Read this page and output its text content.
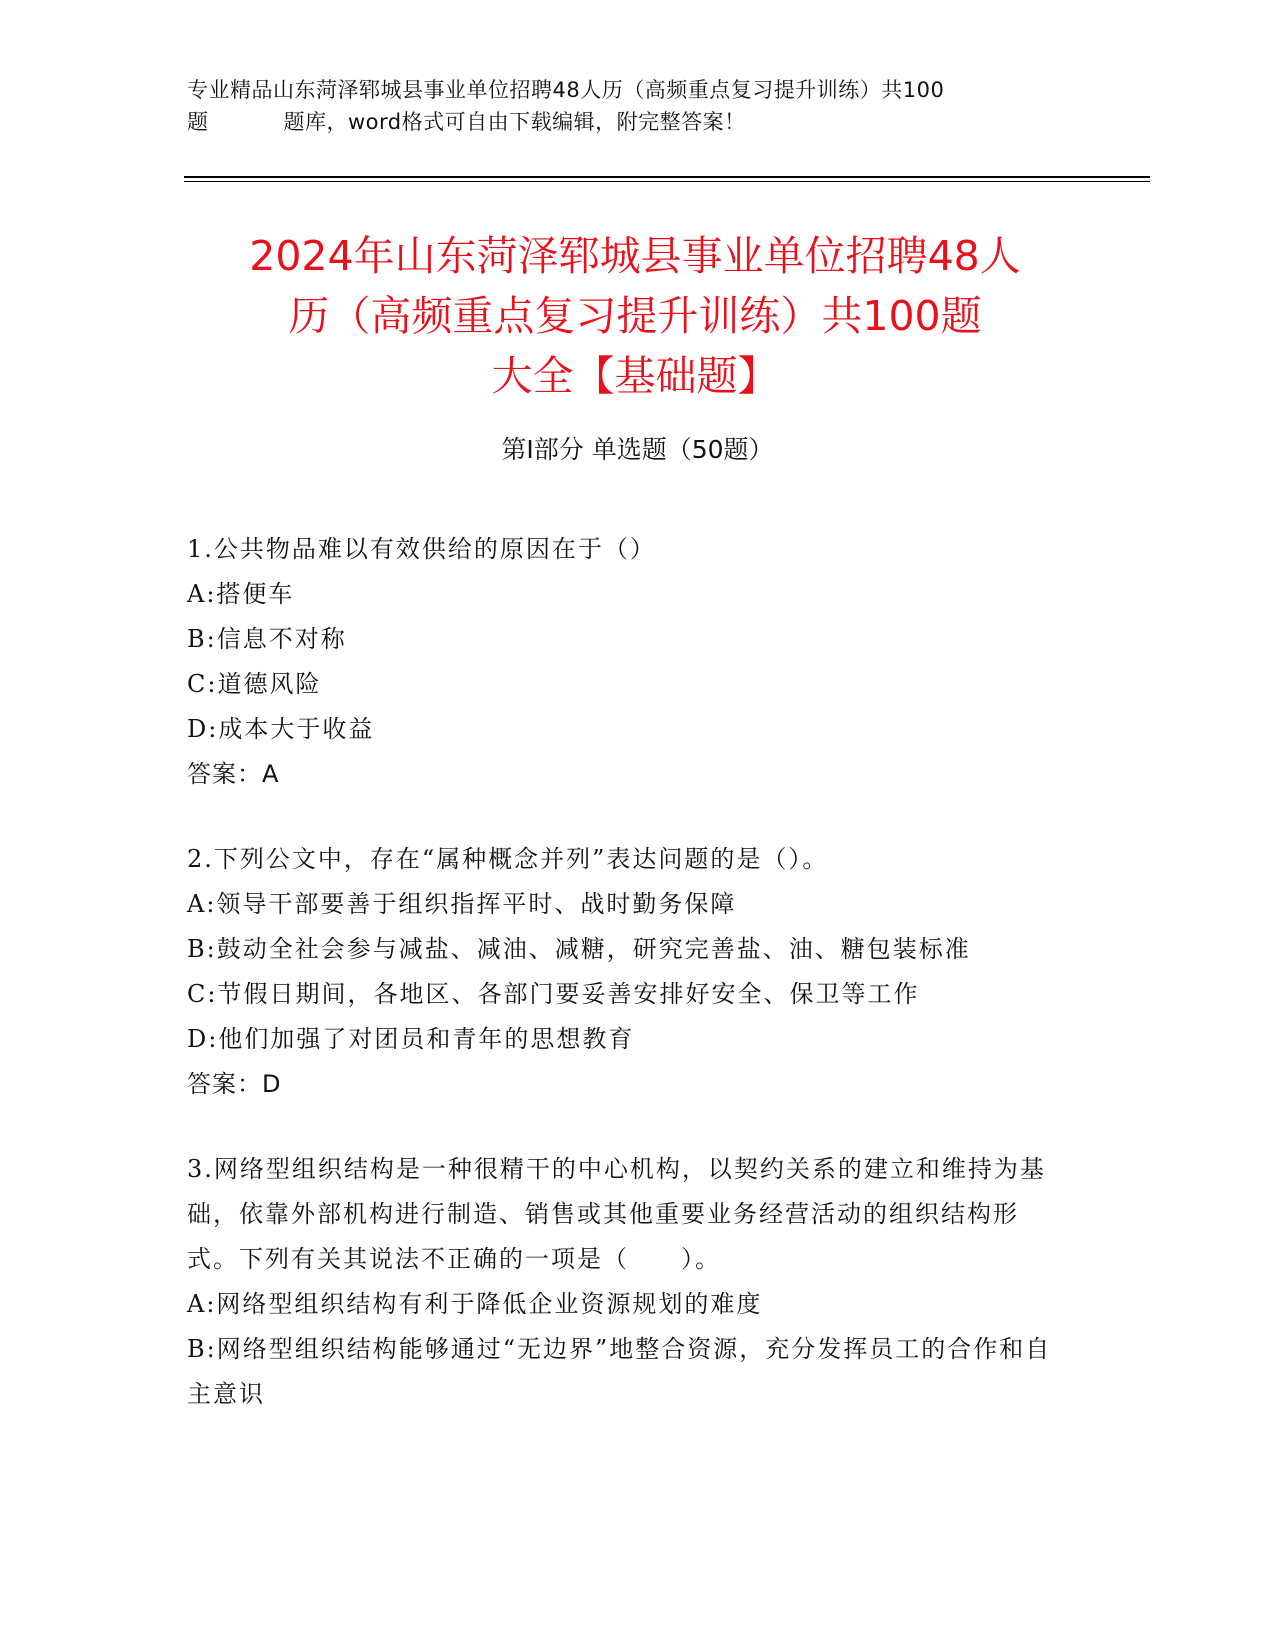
专业精品山东菏泽郓城县事业单位招聘48人历（高频重点复习提升训练）共100
题	题库，word格式可自由下载编辑，附完整答案！
2024年山东菏泽郓城县事业单位招聘48人
历（高频重点复习提升训练）共100题
大全【基础题】
第Ⅰ部分 单选题（50题）

1.公共物品难以有效供给的原因在于（）

A:搭便车

B:信息不对称

C:道德风险

D:成本大于收益

答案：A

2.下列公文中，存在“属种概念并列”表达问题的是（）。

A:领导干部要善于组织指挥平时、战时勤务保障

B:鼓动全社会参与减盐、减油、减糖，研究完善盐、油、糖包装标准

C:节假日期间，各地区、各部门要妥善安排好安全、保卫等工作

D:他们加强了对团员和青年的思想教育

答案：D

3.网络型组织结构是一种很精干的中心机构，以契约关系的建立和维持为基础，依靠外部机构进行制造、销售或其他重要业务经营活动的组织结构形式。下列有关其说法不正确的一项是（　　）。

A:网络型组织结构有利于降低企业资源规划的难度

B:网络型组织结构能够通过“无边界”地整合资源，充分发挥员工的合作和自主意识
